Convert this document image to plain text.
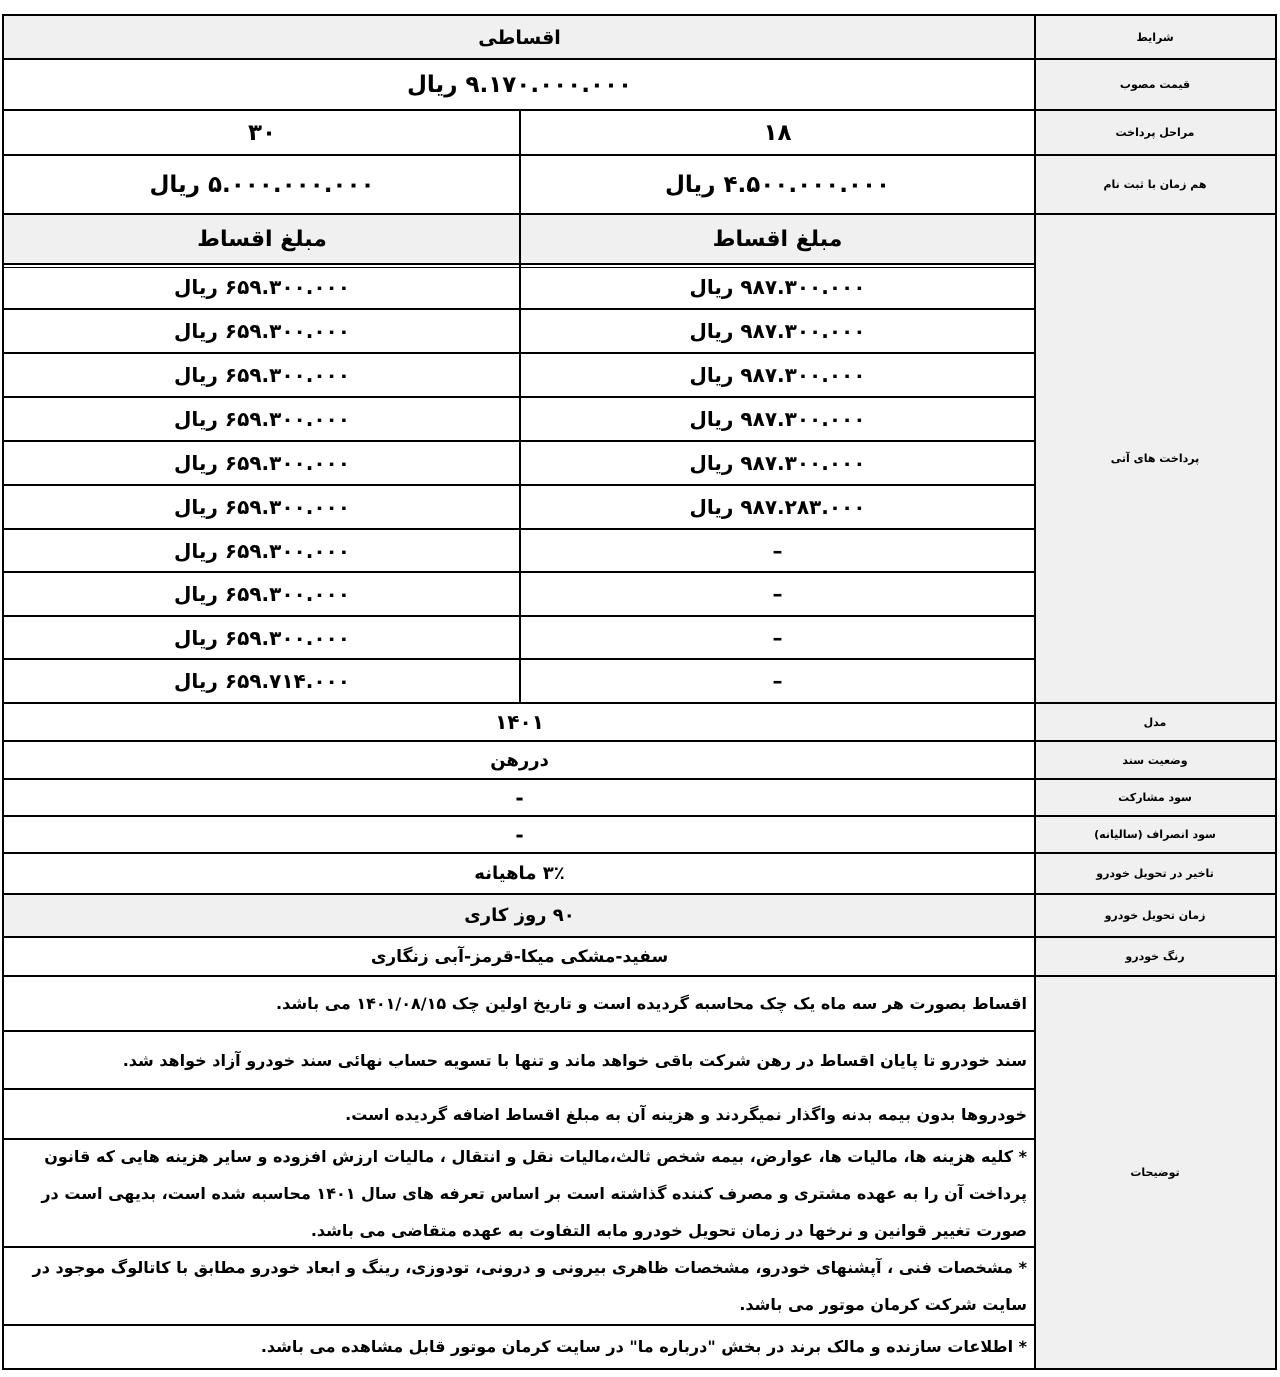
شرایط
قیمت مصوب
مراحل پرداخت
هم زمان با ثبت نام
پرداخت های آتی
مدل
وضعیت سند
سود مشارکت
سود انصراف (سالیانه)
تاخیر در تحویل خودرو
زمان تحویل خودرو
رنگ خودرو
توضیحات
اقساطی
۹.۱۷۰.۰۰۰.۰۰۰ ریال
۱۸
۳۰
۴.۵۰۰.۰۰۰.۰۰۰ ریال
۵.۰۰۰.۰۰۰.۰۰۰ ریال
مبلغ اقساط
مبلغ اقساط
۹۸۷.۳۰۰.۰۰۰ ریال
۶۵۹.۳۰۰.۰۰۰ ریال
۹۸۷.۳۰۰.۰۰۰ ریال
۶۵۹.۳۰۰.۰۰۰ ریال
۹۸۷.۳۰۰.۰۰۰ ریال
۶۵۹.۳۰۰.۰۰۰ ریال
۹۸۷.۳۰۰.۰۰۰ ریال
۶۵۹.۳۰۰.۰۰۰ ریال
۹۸۷.۳۰۰.۰۰۰ ریال
۶۵۹.۳۰۰.۰۰۰ ریال
۹۸۷.۲۸۳.۰۰۰ ریال
۶۵۹.۳۰۰.۰۰۰ ریال
–
۶۵۹.۳۰۰.۰۰۰ ریال
–
۶۵۹.۳۰۰.۰۰۰ ریال
–
۶۵۹.۳۰۰.۰۰۰ ریال
–
۶۵۹.۷۱۴.۰۰۰ ریال
۱۴۰۱
دررهن
-
-
۳٪ ماهیانه
۹۰ روز کاری
سفید-مشکی میکا-قرمز-آبی زنگاری
اقساط بصورت هر سه ماه یک چک محاسبه گردیده است و تاریخ اولین چک ۱۴۰۱/۰۸/۱۵ می باشد.
سند خودرو تا پایان اقساط در رهن شرکت باقی خواهد ماند و تنها با تسویه حساب نهائی سند خودرو آزاد خواهد شد.
خودروها بدون بیمه بدنه واگذار نمیگردند و هزینه آن به مبلغ اقساط اضافه گردیده است.
* کلیه هزینه ها، مالیات ها، عوارض، بیمه شخص ثالث،مالیات نقل و انتقال ، مالیات ارزش افزوده و سایر هزینه هایی که قانون پرداخت آن را به عهده مشتری و مصرف کننده گذاشته است بر اساس تعرفه های سال ۱۴۰۱ محاسبه شده است، بدیهی است در صورت تغییر قوانین و نرخها در زمان تحویل خودرو مابه التفاوت به عهده متقاضی می باشد.
* مشخصات فنی ، آپشنهای خودرو، مشخصات ظاهری بیرونی و درونی، تودوزی، رینگ و ابعاد خودرو مطابق با کاتالوگ موجود در سایت شرکت کرمان موتور می باشد.
* اطلاعات سازنده و مالک برند در بخش "درباره ما" در سایت کرمان موتور قابل مشاهده می باشد.
